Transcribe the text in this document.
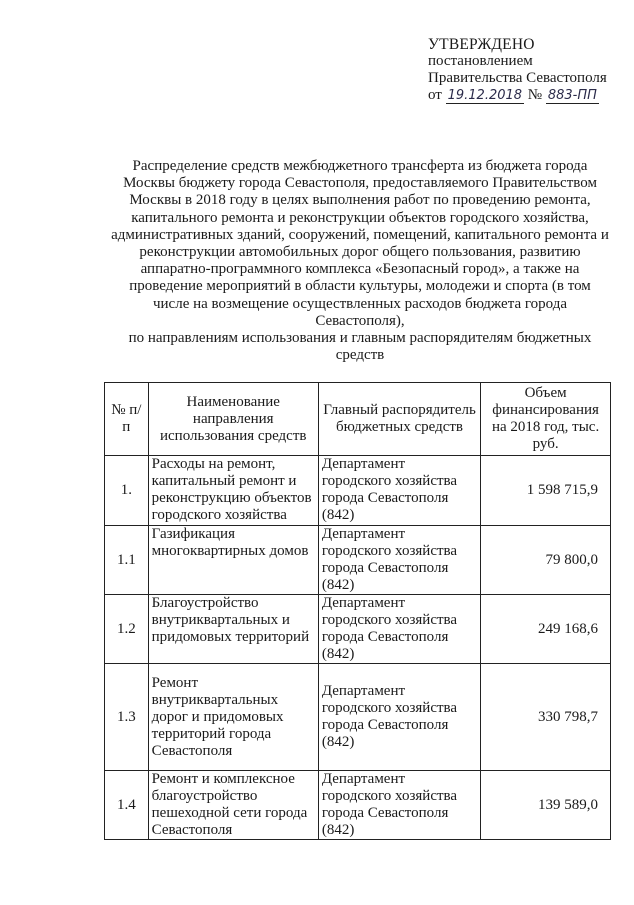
УТВЕРЖДЕНО
постановлением
Правительства Севастополя
от 19.12.2018 № 883-ПП
Распределение средств межбюджетного трансферта из бюджета города
Москвы бюджету города Севастополя, предоставляемого Правительством
Москвы в 2018 году в целях выполнения работ по проведению ремонта,
капитального ремонта и реконструкции объектов городского хозяйства,
административных зданий, сооружений, помещений, капитального ремонта и
реконструкции автомобильных дорог общего пользования, развитию
аппаратно-программного комплекса «Безопасный город», а также на
проведение мероприятий в области культуры, молодежи и спорта (в том
числе на возмещение осуществленных расходов бюджета города
Севастополя),
по направлениям использования и главным распорядителям бюджетных
средств
№ п/п	Наименование направления использования средств	Главный распорядитель бюджетных средств	Объем финансирования на 2018 год, тыс. руб.
1.	Расходы на ремонт, капитальный ремонт и реконструкцию объектов городского хозяйства	Департамент городского хозяйства города Севастополя (842)	1 598 715,9
1.1	Газификация многоквартирных домов	Департамент городского хозяйства города Севастополя (842)	79 800,0
1.2	Благоустройство внутриквартальных и придомовых территорий	Департамент городского хозяйства города Севастополя (842)	249 168,6
1.3	Ремонт внутриквартальных дорог и придомовых территорий города Севастополя	Департамент городского хозяйства города Севастополя (842)	330 798,7
1.4	Ремонт и комплексное благоустройство пешеходной сети города Севастополя	Департамент городского хозяйства города Севастополя (842)	139 589,0
